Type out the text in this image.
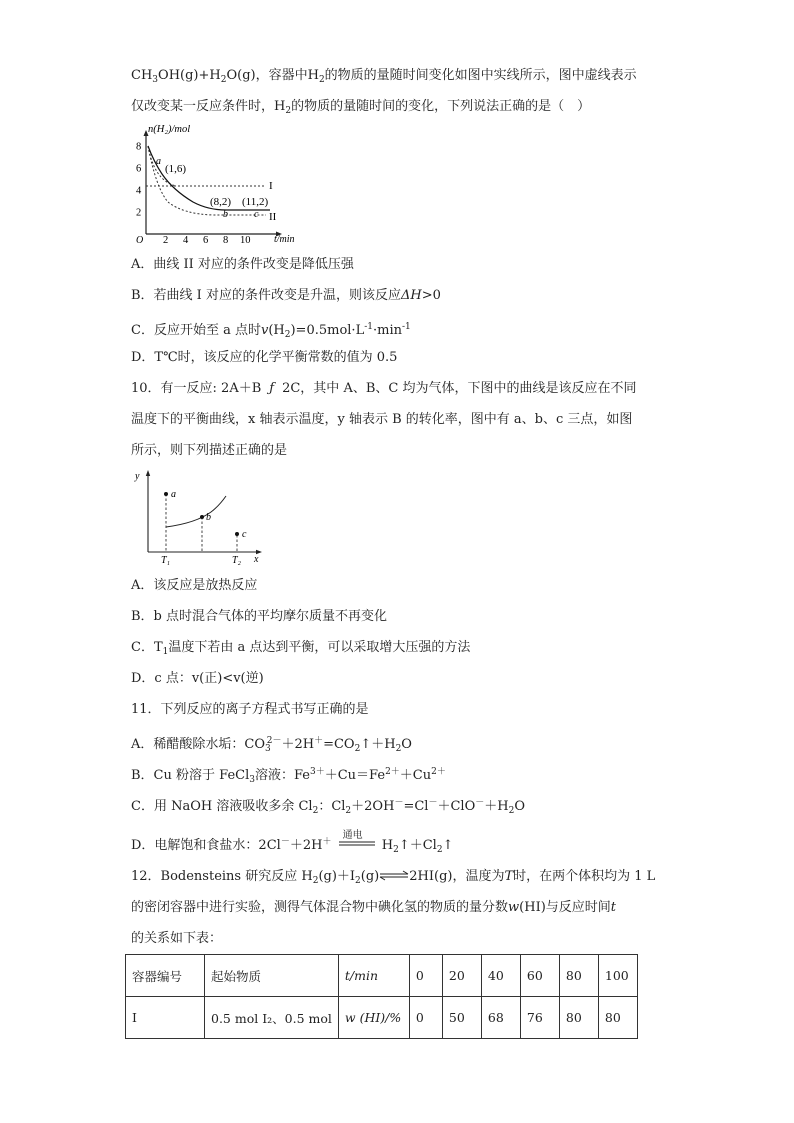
$CH_3OH(g)+H_2O(g)$，容器中$H_2$的物质的量随时间变化如图中实线所示，图中虚线表示
仅改变某一反应条件时，$H_2$的物质的量随时间的变化，下列说法正确的是（　）
n(H₂)/mol
t/min
O
2
4
6
8
2 4 6 8 10
a
(1,6)
(8,2) (11,2)
b	c
I
II
A．曲线 II 对应的条件改变是降低压强
B．若曲线 I 对应的条件改变是升温，则该反应ΔH>0
C．反应开始至 a 点时$v(H_2)=0.5mol\cdot L^{-1}\cdot\min^{-1}$
D．T℃时，该反应的化学平衡常数的值为 0.5
10．有一反应: 2A＋B ƒ 2C，其中 A、B、C 均为气体，下图中的曲线是该反应在不同
温度下的平衡曲线，x 轴表示温度，y 轴表示 B 的转化率，图中有 a、b、c 三点，如图
所示，则下列描述正确的是
y
x
a
b
c
T₁	T₂
A．该反应是放热反应
B．b 点时混合气体的平均摩尔质量不再变化
C．$T_1$温度下若由 a 点达到平衡，可以采取增大压强的方法
D．c 点：v(正)<v(逆)
11．下列反应的离子方程式书写正确的是
A．稀醋酸除水垢：$CO_3^{2-}+2H^+=CO_2↑+H_2O$
B．Cu 粉溶于 FeCl$_3$溶液：$Fe^{3+}+Cu=Fe^{2+}+Cu^{2+}$
C．用 NaOH 溶液吸收多余 $Cl_2$：$Cl_2+2OH^-=Cl^-+ClO^-+H_2O$
D．电解饱和食盐水：2Cl－＋2H＋
通电
$H_2↑+Cl_2↑$
12．Bodensteins 研究反应 $H_2(g)+I_2(g)\rightleftharpoons 2HI(g)$，温度为T时，在两个体积均为 1 L
的密闭容器中进行实验，测得气体混合物中碘化氢的物质的量分数w(HI)与反应时间t
的关系如下表：
容器编号	起始物质	t/min	0	20	40	60	80	100
I	0.5 mol I₂、0.5 mol	w (HI)/%	0	50	68	76	80	80
